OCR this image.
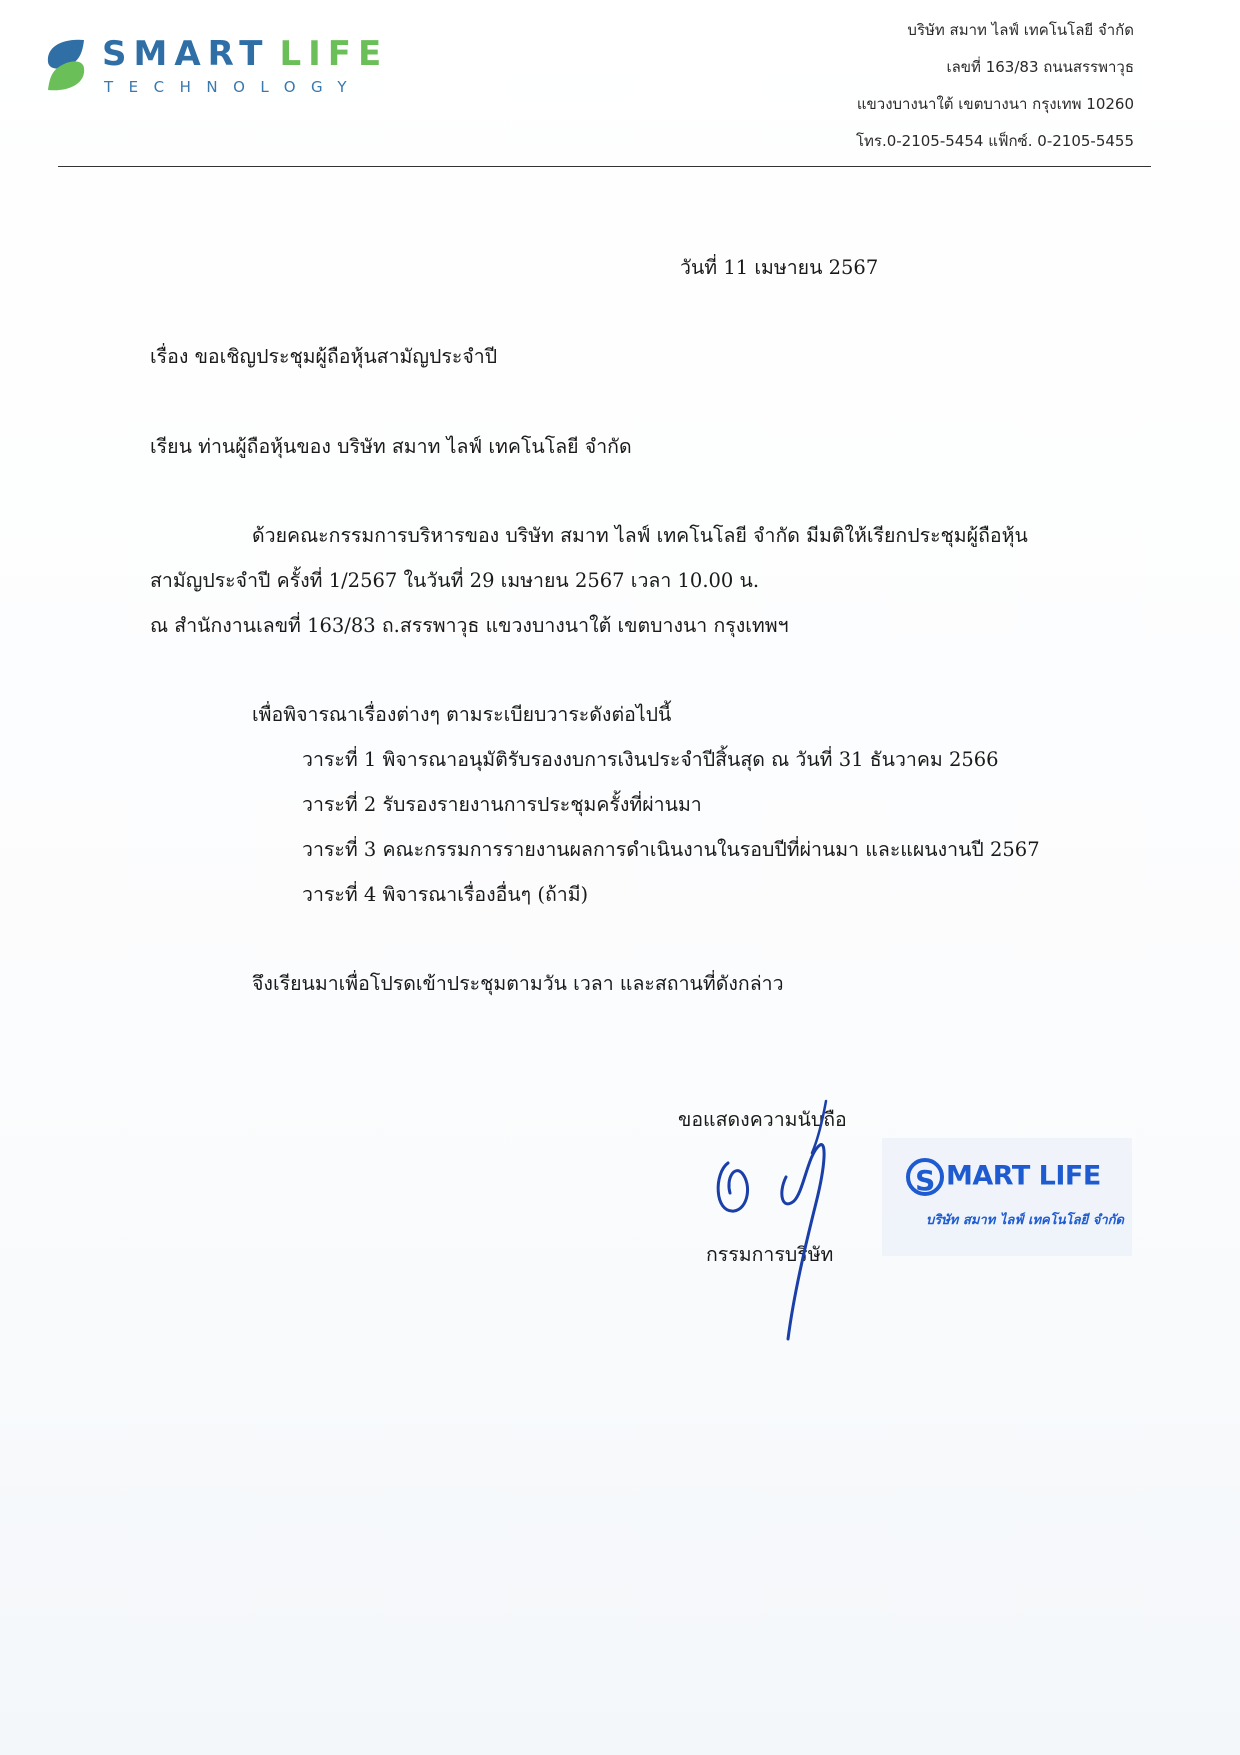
SMART LIFE
TECHNOLOGY
บริษัท สมาท ไลฟ์ เทคโนโลยี จำกัด
เลขที่ 163/83 ถนนสรรพาวุธ
แขวงบางนาใต้ เขตบางนา กรุงเทพ 10260
โทร.0-2105-5454 แฟ็กซ์. 0-2105-5455
วันที่ 11 เมษายน 2567
เรื่อง ขอเชิญประชุมผู้ถือหุ้นสามัญประจำปี
เรียน ท่านผู้ถือหุ้นของ บริษัท สมาท ไลฟ์ เทคโนโลยี จำกัด
ด้วยคณะกรรมการบริหารของ บริษัท สมาท ไลฟ์ เทคโนโลยี จำกัด มีมติให้เรียกประชุมผู้ถือหุ้น
สามัญประจำปี ครั้งที่ 1/2567 ในวันที่ 29 เมษายน 2567 เวลา 10.00 น.
ณ สำนักงานเลขที่ 163/83 ถ.สรรพาวุธ แขวงบางนาใต้ เขตบางนา กรุงเทพฯ
เพื่อพิจารณาเรื่องต่างๆ ตามระเบียบวาระดังต่อไปนี้
วาระที่ 1 พิจารณาอนุมัติรับรองงบการเงินประจำปีสิ้นสุด ณ วันที่ 31 ธันวาคม 2566
วาระที่ 2 รับรองรายงานการประชุมครั้งที่ผ่านมา
วาระที่ 3 คณะกรรมการรายงานผลการดำเนินงานในรอบปีที่ผ่านมา และแผนงานปี 2567
วาระที่ 4 พิจารณาเรื่องอื่นๆ (ถ้ามี)
จึงเรียนมาเพื่อโปรดเข้าประชุมตามวัน เวลา และสถานที่ดังกล่าว
ขอแสดงความนับถือ
กรรมการบริษัท
S MART LIFE
บริษัท สมาท ไลฟ์ เทคโนโลยี จำกัด
